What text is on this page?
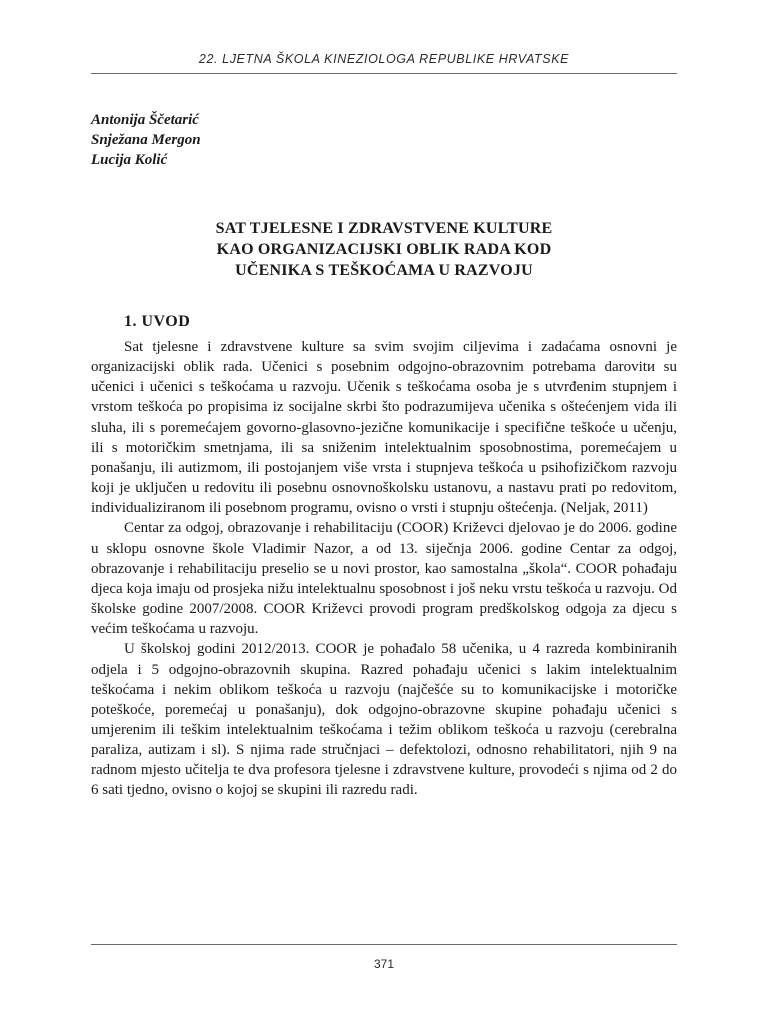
22. LJETNA ŠKOLA KINEZIOLOGA REPUBLIKE HRVATSKE
Antonija Ščetarić
Snježana Mergon
Lucija Kolić
SAT TJELESNE I ZDRAVSTVENE KULTURE
KAO ORGANIZACIJSKI OBLIK RADA KOD
UČENIKA S TEŠKOĆAMA U RAZVOJU
1. UVOD

Sat tjelesne i zdravstvene kulture sa svim svojim ciljevima i zadaćama osnovni je organizacijski oblik rada. Učenici s posebnim odgojno-obrazovnim potrebama darovitи su učenici i učenici s teškoćama u razvoju. Učenik s teškoćama osoba je s utvrđenim stupnjem i vrstom teškoća po propisima iz socijalne skrbi što podrazumijeva učenika s oštećenjem vida ili sluha, ili s poremećajem govorno-glasovno-jezične komunikacije i specifične teškoće u učenju, ili s motoričkim smetnjama, ili sa sniženim intelektualnim sposobnostima, poremećajem u ponašanju, ili autizmom, ili postojanjem više vrsta i stupnjeva teškoća u psihofizičkom razvoju koji je uključen u redovitu ili posebnu osnovnoškolsku ustanovu, a nastavu prati po redovitom, individualiziranom ili posebnom programu, ovisno o vrsti i stupnju oštećenja. (Neljak, 2011)

Centar za odgoj, obrazovanje i rehabilitaciju (COOR) Križevci djelovao je do 2006. godine u sklopu osnovne škole Vladimir Nazor, a od 13. siječnja 2006. godine Centar za odgoj, obrazovanje i rehabilitaciju preselio se u novi prostor, kao samostalna „škola“. COOR pohađaju djeca koja imaju od prosjeka nižu intelektualnu sposobnost i još neku vrstu teškoća u razvoju. Od školske godine 2007/2008. COOR Križevci provodi program predškolskog odgoja za djecu s većim teškoćama u razvoju.

U školskoj godini 2012/2013. COOR je pohađalo 58 učenika, u 4 razreda kombiniranih odjela i 5 odgojno-obrazovnih skupina. Razred pohađaju učenici s lakim intelektualnim teškoćama i nekim oblikom teškoća u razvoju (najčešće su to komunikacijske i motoričke poteškoće, poremećaj u ponašanju), dok odgojno-obrazovne skupine pohađaju učenici s umjerenim ili teškim intelektualnim teškoćama i težim oblikom teškoća u razvoju (cerebralna paraliza, autizam i sl). S njima rade stručnjaci – defektolozi, odnosno rehabilitatori, njih 9 na radnom mjesto učitelja te dva profesora tjelesne i zdravstvene kulture, provodeći s njima od 2 do 6 sati tjedno, ovisno o kojoj se skupini ili razredu radi.

371
